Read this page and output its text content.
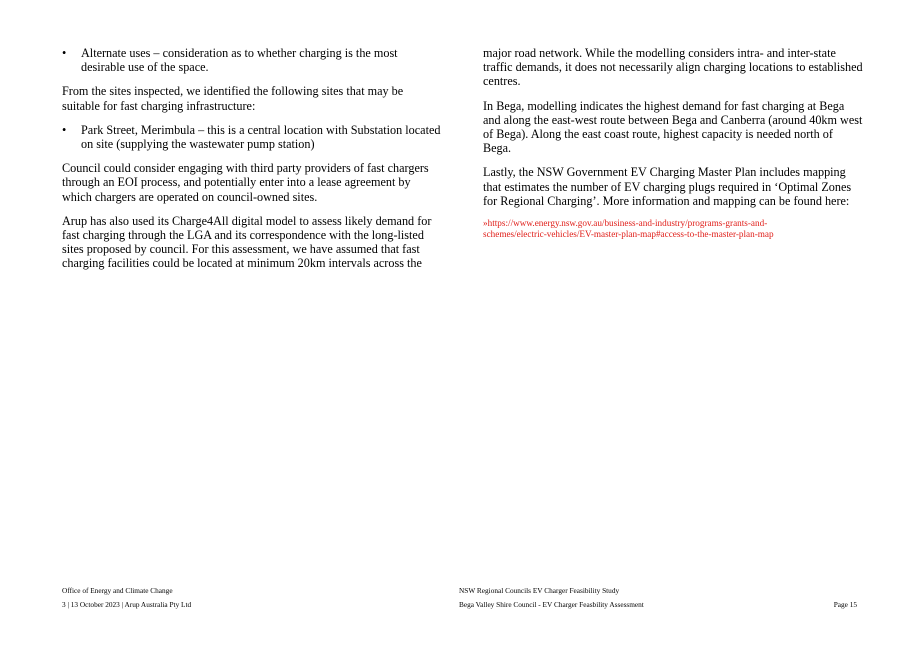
• Alternate uses – consideration as to whether charging is the most desirable use of the space.

From the sites inspected, we identified the following sites that may be suitable for fast charging infrastructure:

• Park Street, Merimbula – this is a central location with Substation located on site (supplying the wastewater pump station)

Council could consider engaging with third party providers of fast chargers through an EOI process, and potentially enter into a lease agreement by which chargers are operated on council-owned sites.

Arup has also used its Charge4All digital model to assess likely demand for fast charging through the LGA and its correspondence with the long-listed sites proposed by council. For this assessment, we have assumed that fast charging facilities could be located at minimum 20km intervals across the

major road network. While the modelling considers intra- and inter-state traffic demands, it does not necessarily align charging locations to established centres.

In Bega, modelling indicates the highest demand for fast charging at Bega and along the east-west route between Bega and Canberra (around 40km west of Bega). Along the east coast route, highest capacity is needed north of Bega.

Lastly, the NSW Government EV Charging Master Plan includes mapping that estimates the number of EV charging plugs required in ‘Optimal Zones for Regional Charging’. More information and mapping can be found here:

»https://www.energy.nsw.gov.au/business-and-industry/programs-grants-and-
schemes/electric-vehicles/EV-master-plan-map#access-to-the-master-plan-map
Office of Energy and Climate Change
3 | 13 October 2023 | Arup Australia Pty Ltd
NSW Regional Councils EV Charger Feasibility Study
Bega Valley Shire Council - EV Charger Feasbility Assessment	Page 15
